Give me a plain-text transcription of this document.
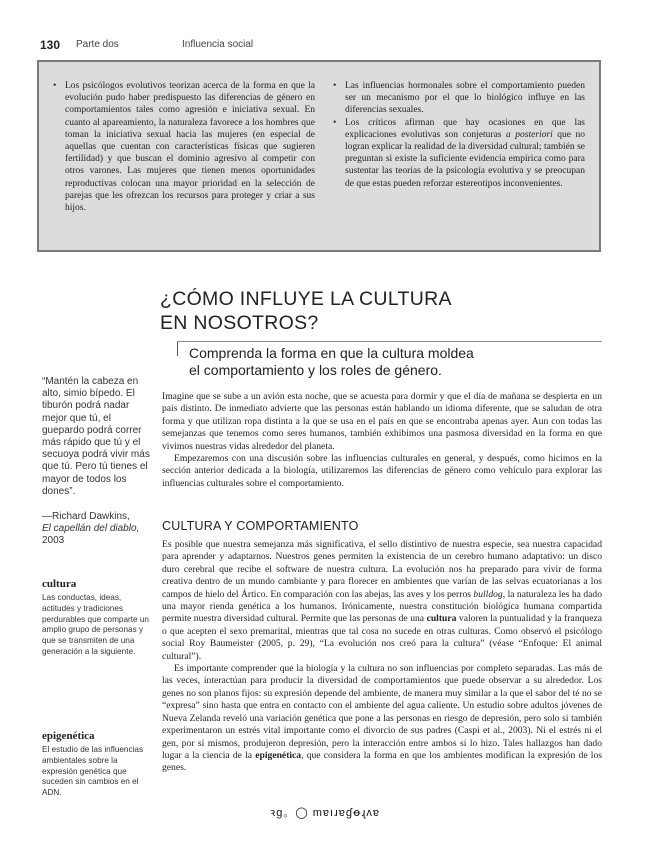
130 Parte dos	Influencia social

• Los psicólogos evolutivos teorizan acerca de la forma en que la evolución pudo haber predispuesto las diferencias de género en comportamientos tales como agresión e iniciativa sexual. En cuanto al apareamiento, la naturaleza favorece a los hombres que toman la iniciativa sexual hacia las mujeres (en especial de aquellas que cuentan con características físicas que sugieren fertilidad) y que buscan el dominio agresivo al competir con otros varones. Las mujeres que tienen menos oportunidades reproductivas colocan una mayor prioridad en la selección de parejas que les ofrezcan los recursos para proteger y criar a sus hijos.

• Las influencias hormonales sobre el comportamiento pueden ser un mecanismo por el que lo biológico influye en las diferencias sexuales.

• Los críticos afirman que hay ocasiones en que las explicaciones evolutivas son conjeturas a posteriori que no logran explicar la realidad de la diversidad cultural; también se preguntan si existe la suficiente evidencia empírica como para sustentar las teorías de la psicología evolutiva y se preocupan de que estas pueden reforzar estereotipos inconvenientes.

¿CÓMO INFLUYE LA CULTURA
EN NOSOTROS?
Comprenda la forma en que la cultura moldea
el comportamiento y los roles de género.
“Mantén la cabeza en alto, simio bípedo. El tiburón podrá nadar mejor que tú, el guepardo podrá correr más rápido que tú y el secuoya podrá vivir más que tú. Pero tú tienes el mayor de todos los dones”.
—Richard Dawkins,
El capellán del diablo,
2003
cultura
Las conductas, ideas, actitudes y tradiciones perdurables que comparte un amplio grupo de personas y que se transmiten de una generación a la siguiente.
epigenética
El estudio de las influencias ambientales sobre la expresión genética que suceden sin cambios en el ADN.

Imagine que se sube a un avión esta noche, que se acuesta para dormir y que el día de mañana se despierta en un país distinto. De inmediato advierte que las personas están hablando un idioma diferente, que se saludan de otra forma y que utilizan ropa distinta a la que se usa en el país en que se encontraba apenas ayer. Aun con todas las semejanzas que tenemos como seres humanos, también exhibimos una pasmosa diversidad en la forma en que vivimos nuestras vidas alrededor del planeta.

Empezaremos con una discusión sobre las influencias culturales en general, y después, como hicimos en la sección anterior dedicada a la biología, utilizaremos las diferencias de género como vehículo para explorar las influencias culturales sobre el comportamiento.

CULTURA Y COMPORTAMIENTO

Es posible que nuestra semejanza más significativa, el sello distintivo de nuestra especie, sea nuestra capacidad para aprender y adaptarnos. Nuestros genes permiten la existencia de un cerebro humano adaptativo: un disco duro cerebral que recibe el software de nuestra cultura. La evolución nos ha preparado para vivir de forma creativa dentro de un mundo cambiante y para florecer en ambientes que varían de las selvas ecuatorianas a los campos de hielo del Ártico. En comparación con las abejas, las aves y los perros bulldog, la naturaleza les ha dado una mayor rienda genética a los humanos. Irónicamente, nuestra constitución biológica humana compartida permite nuestra diversidad cultural. Permite que las personas de una cultura valoren la puntualidad y la franqueza o que acepten el sexo premarital, mientras que tal cosa no sucede en otras culturas. Como observó el psicólogo social Roy Baumeister (2005, p. 29), “La evolución nos creó para la cultura” (véase “Enfoque: El animal cultural”).

Es importante comprender que la biología y la cultura no son influencias por completo separadas. Las más de las veces, interactúan para producir la diversidad de comportamientos que puede observar a su alrededor. Los genes no son planos fijos: su expresión depende del ambiente, de manera muy similar a la que el sabor del té no se “expresa” sino hasta que entra en contacto con el ambiente del agua caliente. Un estudio sobre adultos jóvenes de Nueva Zelanda reveló una variación genética que pone a las personas en riesgo de depresión, pero solo si también experimentaron un estrés vital importante como el divorcio de sus padres (Caspi et al., 2003). Ni el estrés ni el gen, por sí mismos, produjeron depresión, pero la interacción entre ambos sí lo hizo. Tales hallazgos han dado lugar a la ciencia de la epigenética, que considera la forma en que los ambientes modifican la expresión de los genes.

ꝛg。◯ mɐıɹɐɠꝋɻʌɐ
